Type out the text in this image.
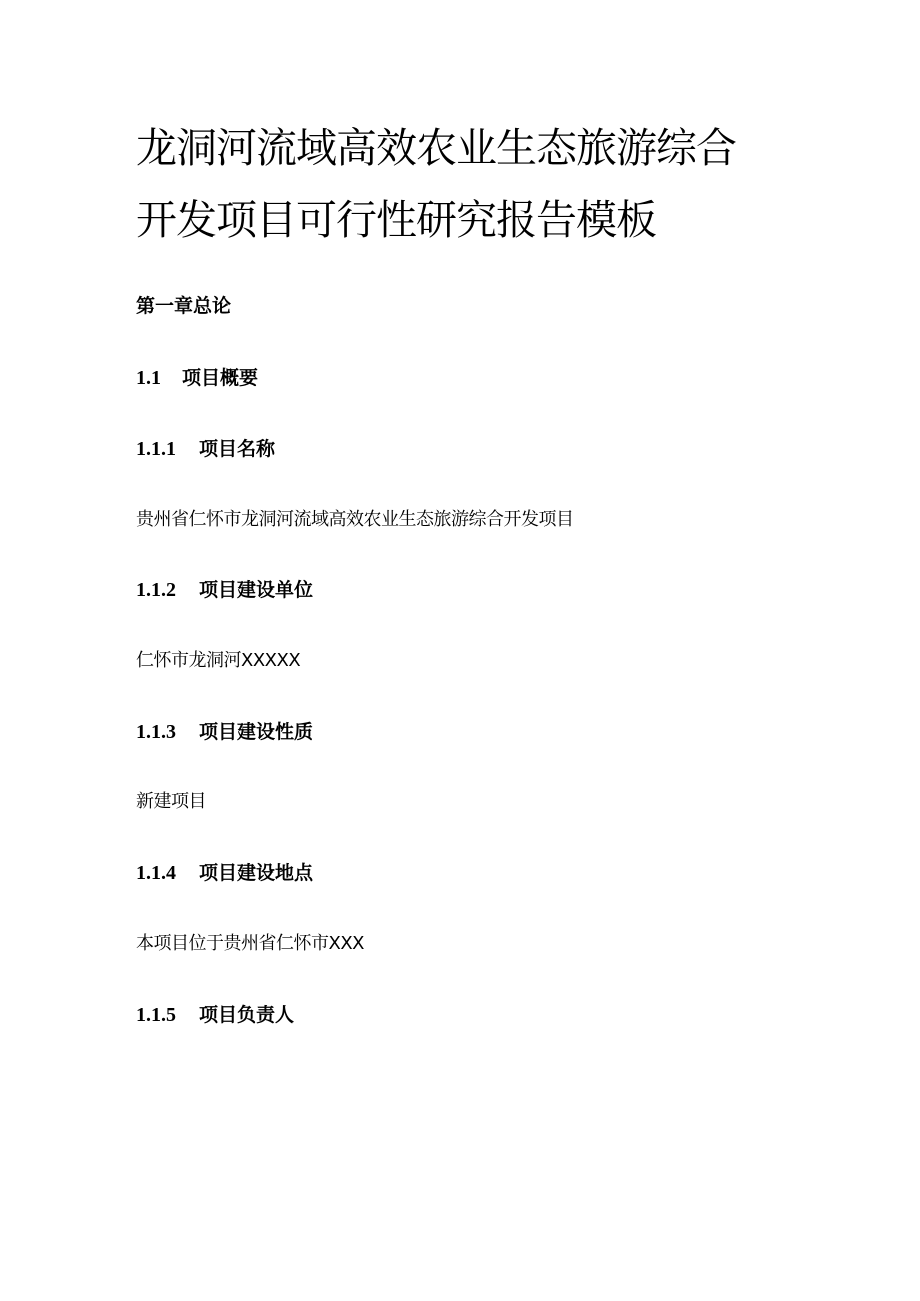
龙洞河流域高效农业生态旅游综合
开发项目可行性研究报告模板
第一章总论
1.1 项目概要
1.1.1 项目名称

贵州省仁怀市龙洞河流域高效农业生态旅游综合开发项目

1.1.2 项目建设单位

仁怀市龙洞河XXXXX

1.1.3 项目建设性质

新建项目

1.1.4 项目建设地点

本项目位于贵州省仁怀市XXX

1.1.5 项目负责人
